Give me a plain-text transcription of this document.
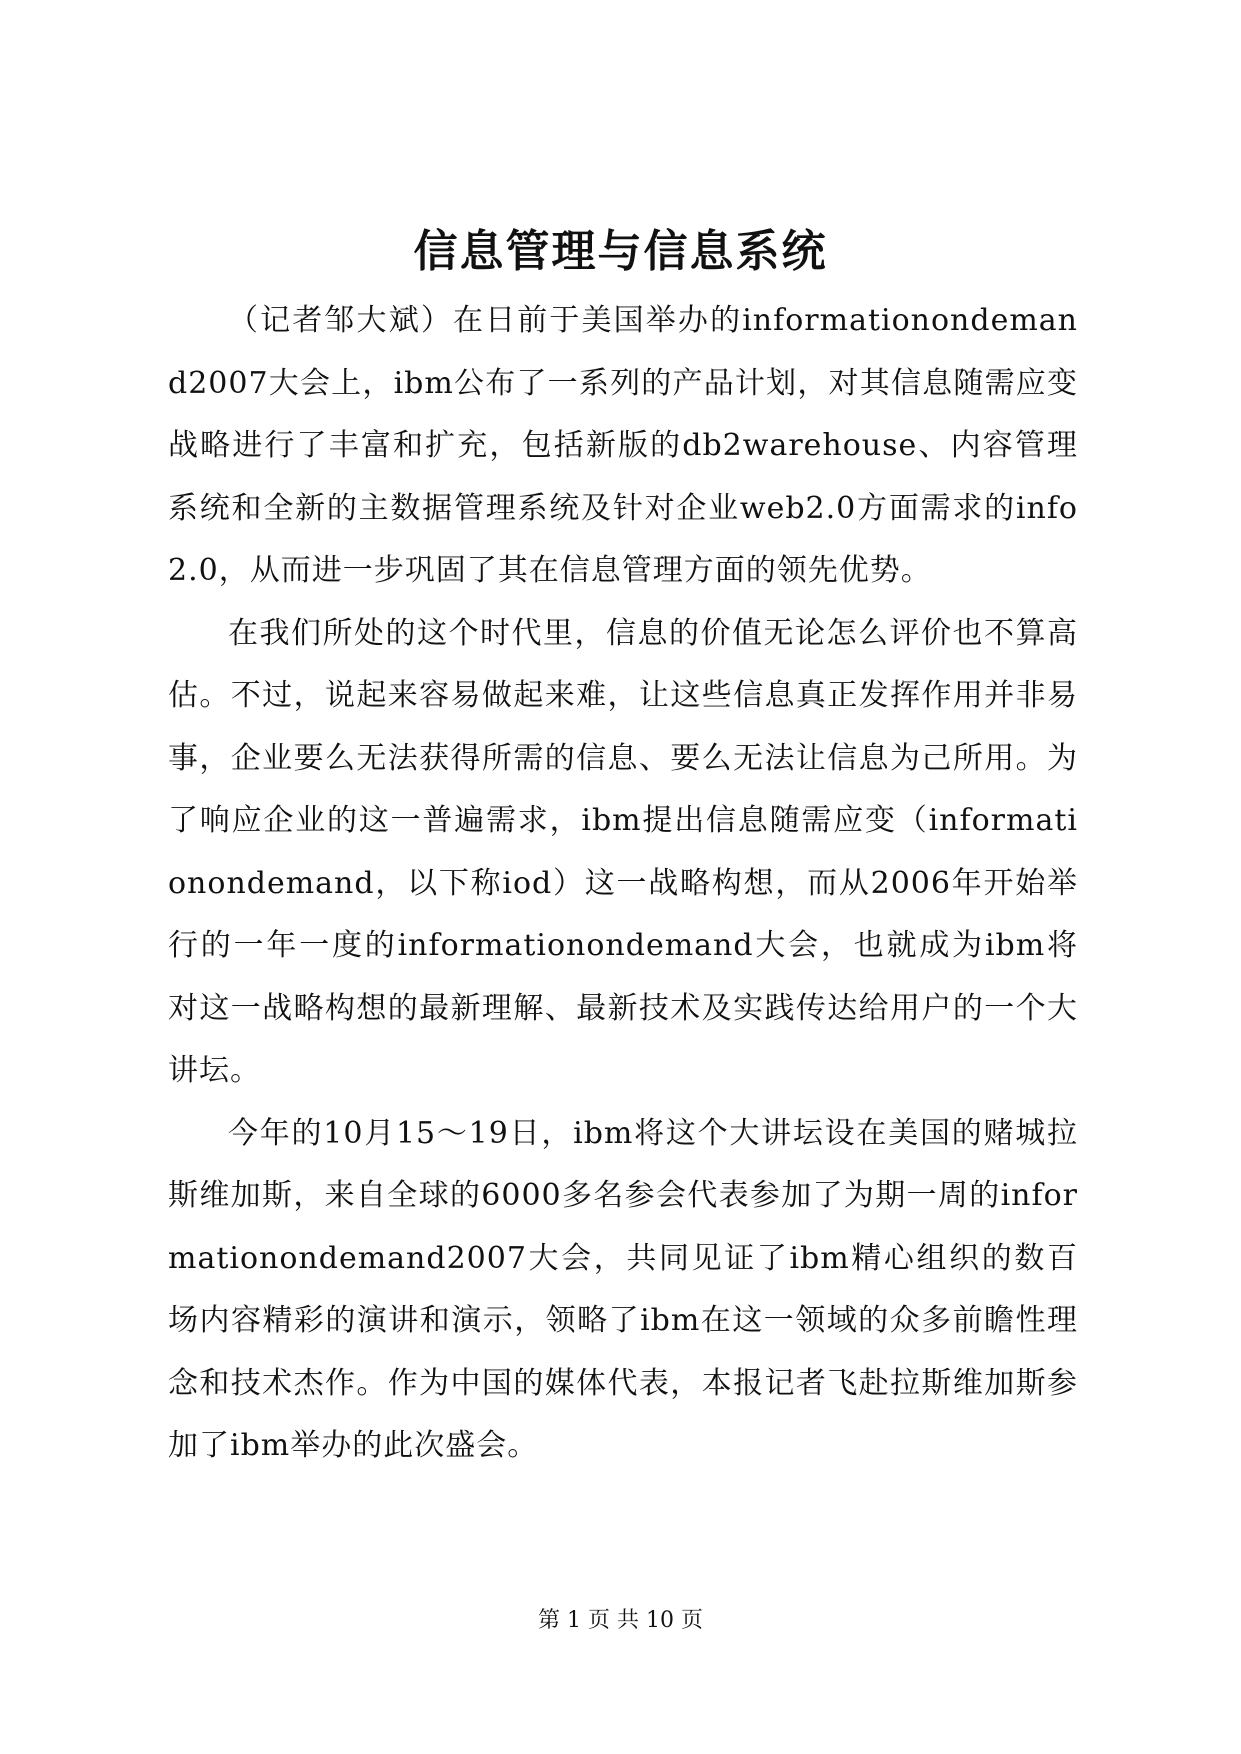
信息管理与信息系统

（记者邹大斌）在日前于美国举办的informationondemand2007大会上，ibm公布了一系列的产品计划，对其信息随需应变战略进行了丰富和扩充，包括新版的db2warehouse、内容管理系统和全新的主数据管理系统及针对企业web2.0方面需求的info2.0，从而进一步巩固了其在信息管理方面的领先优势。

在我们所处的这个时代里，信息的价值无论怎么评价也不算高估。不过，说起来容易做起来难，让这些信息真正发挥作用并非易事，企业要么无法获得所需的信息、要么无法让信息为己所用。为了响应企业的这一普遍需求，ibm提出信息随需应变（informationondemand，以下称iod）这一战略构想，而从2006年开始举行的一年一度的informationondemand大会，也就成为ibm将对这一战略构想的最新理解、最新技术及实践传达给用户的一个大讲坛。

今年的10月15～19日，ibm将这个大讲坛设在美国的赌城拉斯维加斯，来自全球的6000多名参会代表参加了为期一周的informationondemand2007大会，共同见证了ibm精心组织的数百场内容精彩的演讲和演示，领略了ibm在这一领域的众多前瞻性理念和技术杰作。作为中国的媒体代表，本报记者飞赴拉斯维加斯参加了ibm举办的此次盛会。

第 1 页 共 10 页
